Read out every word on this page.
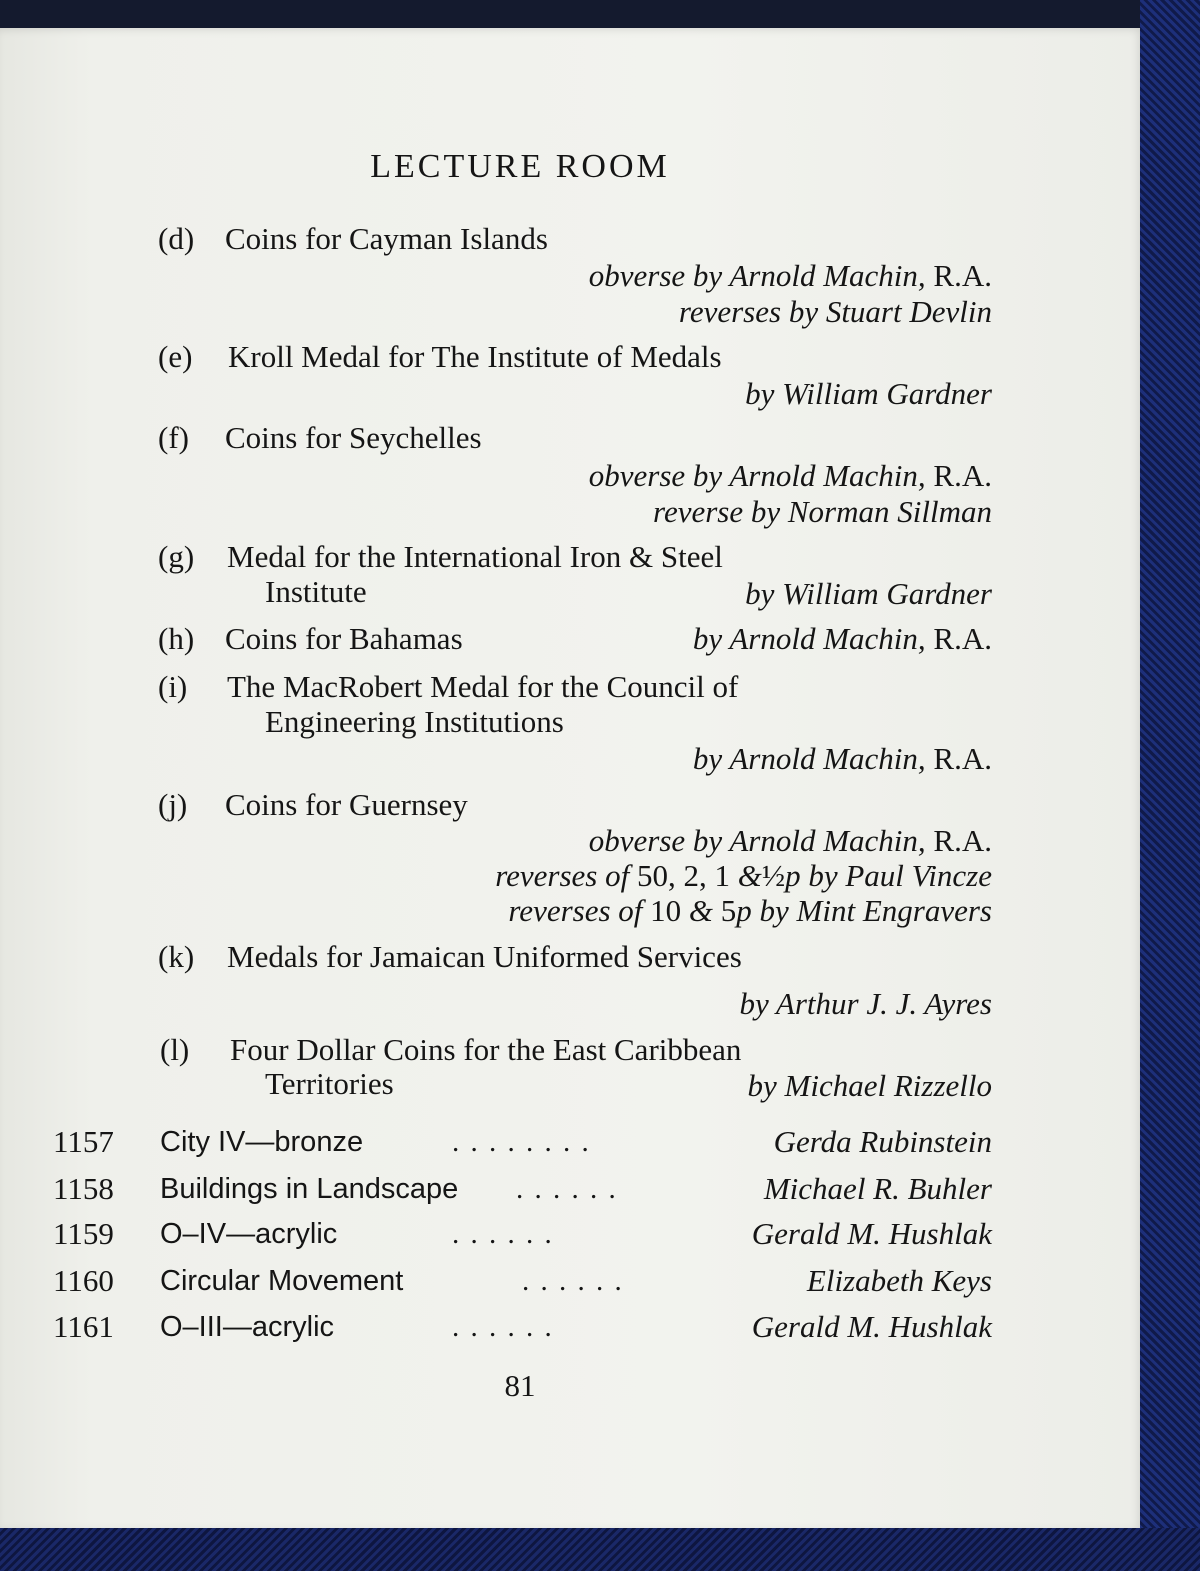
LECTURE ROOM
(d) Coins for Cayman Islands
obverse by Arnold Machin, R.A.
reverses by Stuart Devlin
(e) Kroll Medal for The Institute of Medals
by William Gardner
(f) Coins for Seychelles
obverse by Arnold Machin, R.A.
reverse by Norman Sillman
(g) Medal for the International Iron & Steel
Institute	by William Gardner
(h) Coins for Bahamas	by Arnold Machin, R.A.
(i) The MacRobert Medal for the Council of
Engineering Institutions
by Arnold Machin, R.A.
(j) Coins for Guernsey
obverse by Arnold Machin, R.A.
reverses of 50, 2, 1 &½p by Paul Vincze
reverses of 10 & 5p by Mint Engravers
(k) Medals for Jamaican Uniformed Services
by Arthur J. J. Ayres
(l) Four Dollar Coins for the East Caribbean
Territories	by Michael Rizzello
1157 City IV—bronze	. . . . . . . .	Gerda Rubinstein
1158 Buildings in Landscape . . . . . .	Michael R. Buhler
1159 O–IV—acrylic	. . . . . .	Gerald M. Hushlak
1160 Circular Movement	. . . . . .	Elizabeth Keys
1161 O–III—acrylic	. . . . . .	Gerald M. Hushlak
81
